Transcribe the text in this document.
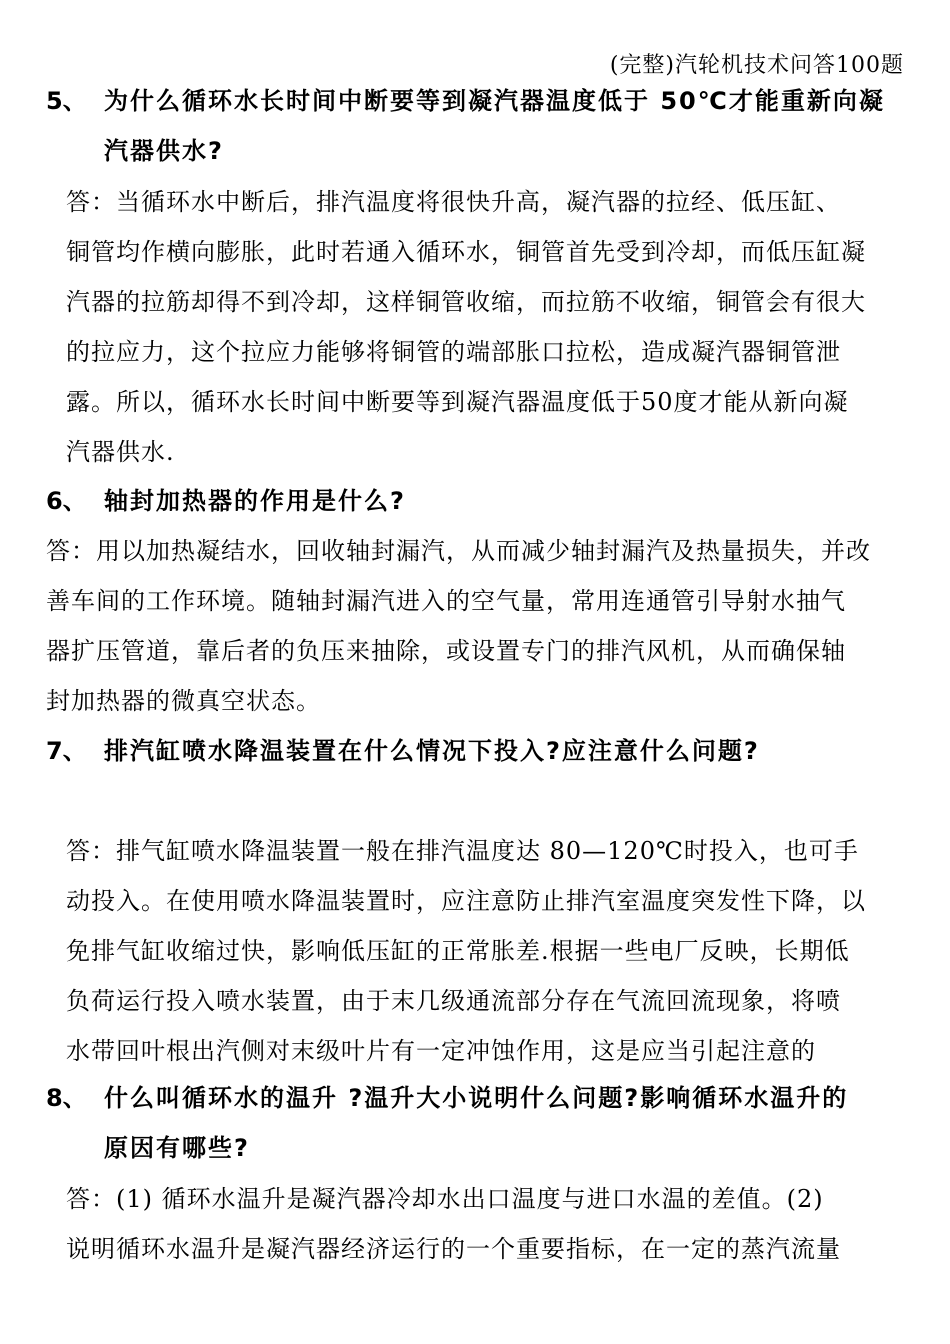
(完整)汽轮机技术问答100题
5、 为什么循环水长时间中断要等到凝汽器温度低于 50℃才能重新向凝
汽器供水?
答：当循环水中断后，排汽温度将很快升高，凝汽器的拉经、低压缸、
铜管均作横向膨胀，此时若通入循环水，铜管首先受到冷却，而低压缸凝
汽器的拉筋却得不到冷却，这样铜管收缩，而拉筋不收缩，铜管会有很大
的拉应力，这个拉应力能够将铜管的端部胀口拉松，造成凝汽器铜管泄
露。所以，循环水长时间中断要等到凝汽器温度低于50度才能从新向凝
汽器供水.
6、 轴封加热器的作用是什么?
答：用以加热凝结水，回收轴封漏汽，从而减少轴封漏汽及热量损失，并改
善车间的工作环境。随轴封漏汽进入的空气量，常用连通管引导射水抽气
器扩压管道，靠后者的负压来抽除，或设置专门的排汽风机，从而确保轴
封加热器的微真空状态。
7、 排汽缸喷水降温装置在什么情况下投入?应注意什么问题?
答：排气缸喷水降温装置一般在排汽温度达 80—120℃时投入，也可手
动投入。在使用喷水降温装置时，应注意防止排汽室温度突发性下降，以
免排气缸收缩过快，影响低压缸的正常胀差.根据一些电厂反映，长期低
负荷运行投入喷水装置，由于末几级通流部分存在气流回流现象，将喷
水带回叶根出汽侧对末级叶片有一定冲蚀作用，这是应当引起注意的
8、 什么叫循环水的温升 ?温升大小说明什么问题?影响循环水温升的
原因有哪些?
答：(1) 循环水温升是凝汽器冷却水出口温度与进口水温的差值。(2)
说明循环水温升是凝汽器经济运行的一个重要指标，在一定的蒸汽流量
